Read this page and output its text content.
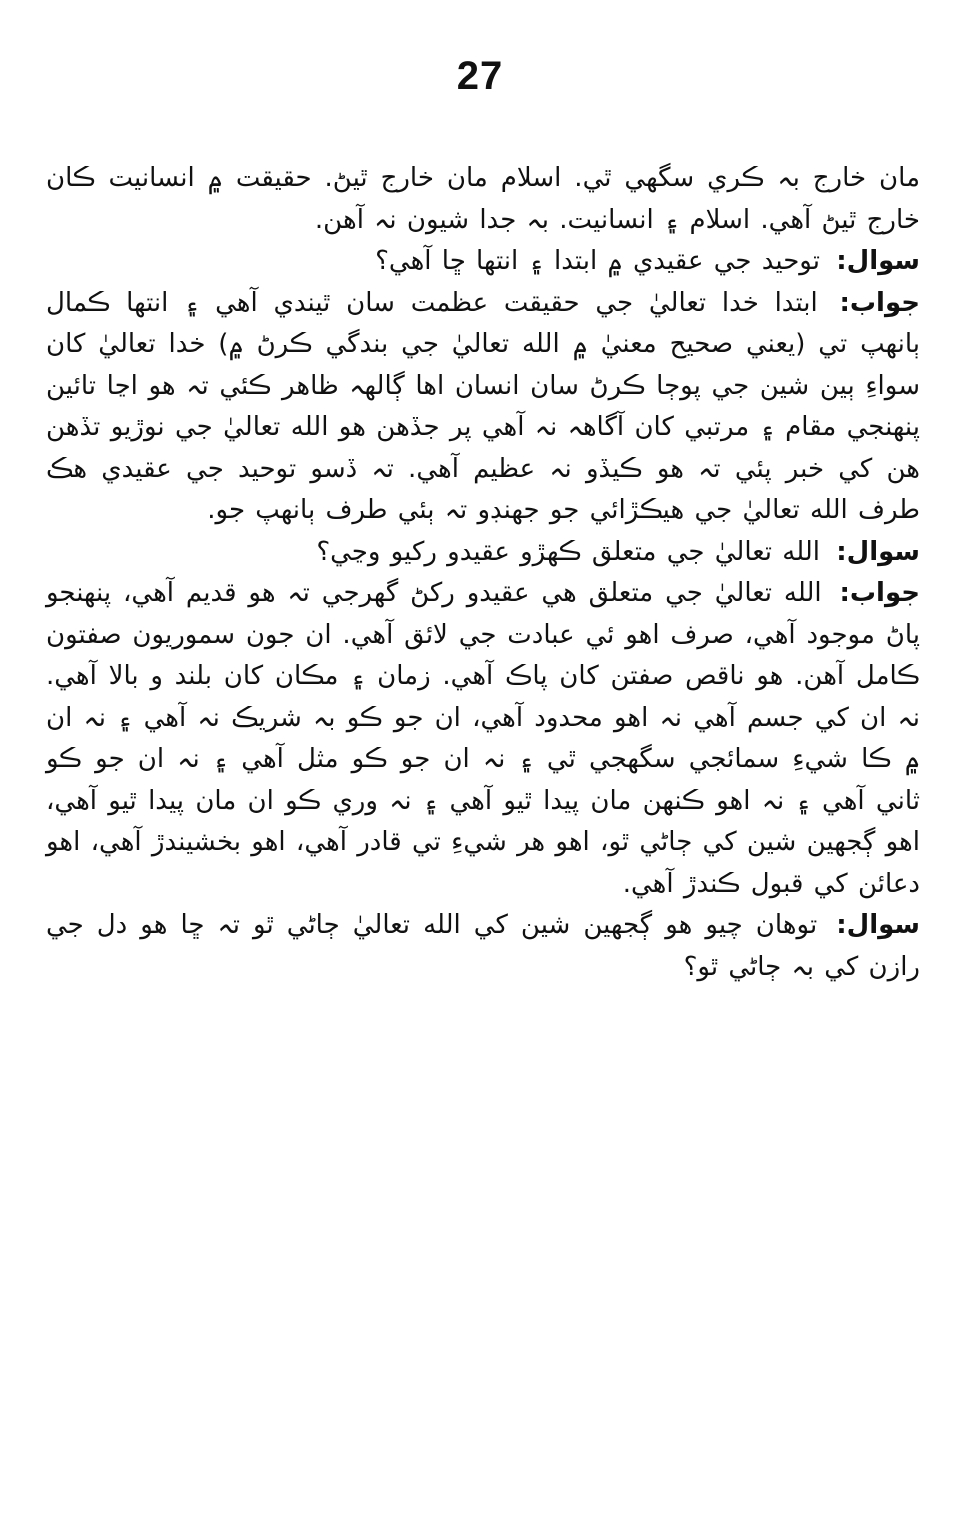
27

مان خارج بہ ڪري سگھي ٿي. اسلام مان خارج ٿيڻ. حقيقت ۾ انسانيت ڪان خارج ٿيڻ آهي. اسلام ۽ انسانيت. بہ جدا شيون نہ آهن.

سوال: توحيد جي عقيدي ۾ ابتدا ۽ انتها ڇا آهي؟

جواب: ابتدا خدا تعاليٰ جي حقيقت عظمت سان ٿيندي آهي ۽ انتها ڪمال ٻانهپ تي (يعني صحيح معنيٰ ۾ الله تعاليٰ جي بندگي ڪرڻ ۾) خدا تعاليٰ کان سواءِ ٻين شين جي پوڄا ڪرڻ سان انسان اها ڳالهہ ظاهر ڪئي تہ هو اڃا تائين پنهنجي مقام ۽ مرتبي کان آگاهہ نہ آهي پر جڏهن هو الله تعاليٰ جي نوڙيو تڏهن هن کي خبر پئي تہ هو ڪيڏو نہ عظيم آهي. تہ ڏسو توحيد جي عقيدي هڪ طرف الله تعاليٰ جي هيڪڙائي جو جهنڊو تہ ٻئي طرف ٻانهپ جو.

سوال: الله تعاليٰ جي متعلق ڪهڙو عقيدو رکيو وڃي؟

جواب: الله تعاليٰ جي متعلق هي عقيدو رکڻ گهرجي تہ هو قديم آهي، پنهنجو پاڻ موجود آهي، صرف اهو ئي عبادت جي لائق آهي. ان جون سموريون صفتون ڪامل آهن. هو ناقص صفتن کان پاڪ آهي. زمان ۽ مڪان کان بلند و بالا آهي. نہ ان کي جسم آهي نہ اهو محدود آهي، ان جو ڪو بہ شريڪ نہ آهي ۽ نہ ان ۾ ڪا شيءِ سمائجي سگهجي ٿي ۽ نہ ان جو ڪو مثل آهي ۽ نہ ان جو ڪو ثاني آهي ۽ نہ اهو ڪنهن مان پيدا ٿيو آهي ۽ نہ وري ڪو ان مان پيدا ٿيو آهي، اهو ڳجهين شين کي ڄاڻي ٿو، اهو هر شيءِ تي قادر آهي، اهو بخشيندڙ آهي، اهو دعائن کي قبول ڪندڙ آهي.

سوال: توهان چيو هو ڳجهين شين کي الله تعاليٰ ڄاڻي ٿو تہ ڇا هو دل جي رازن کي بہ ڄاڻي ٿو؟
